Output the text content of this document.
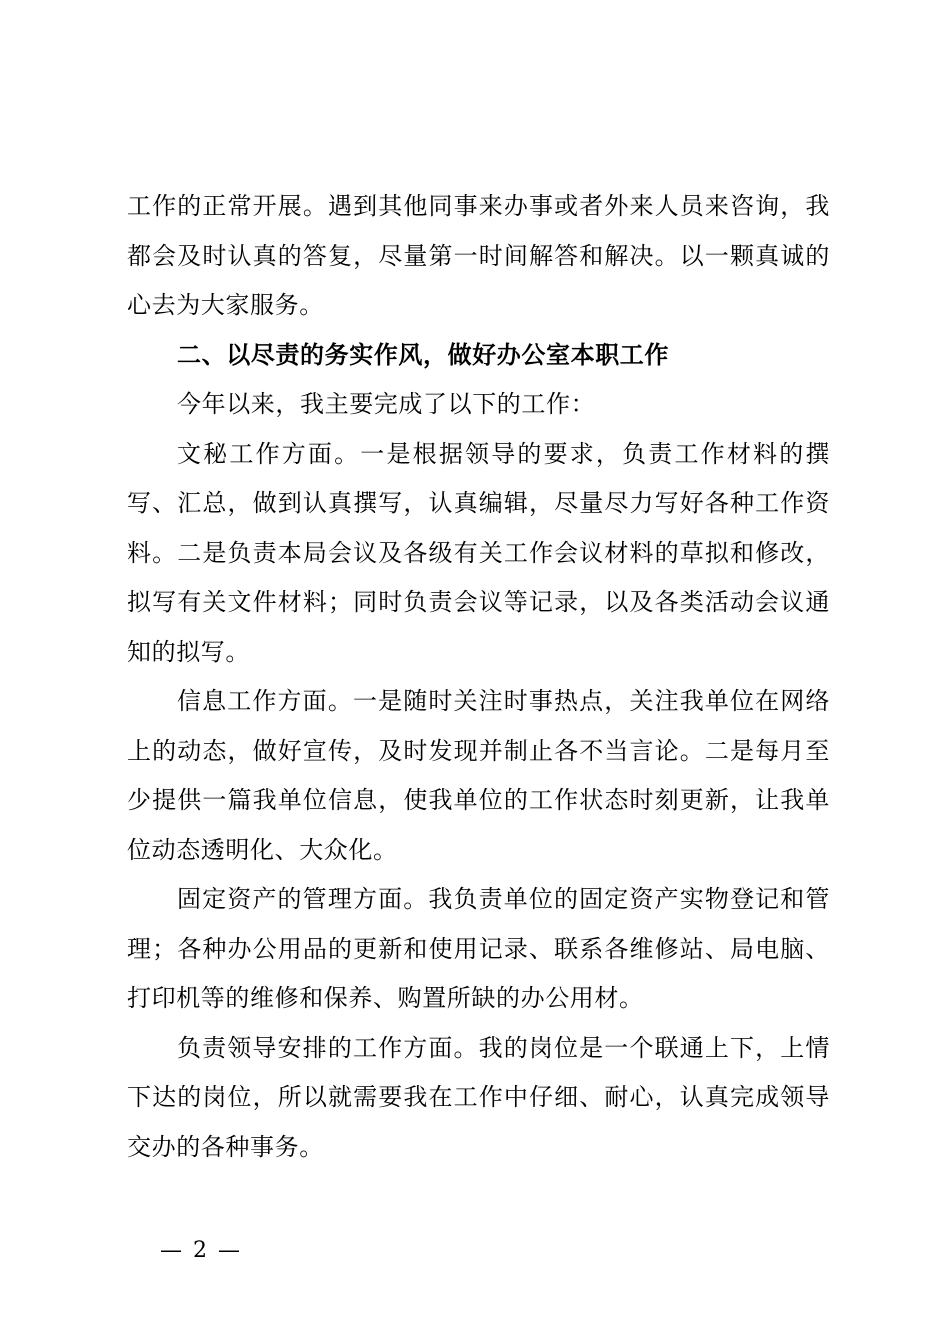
工作的正常开展。遇到其他同事来办事或者外来人员来咨询，我都会及时认真的答复，尽量第一时间解答和解决。以一颗真诚的心去为大家服务。

二、以尽责的务实作风，做好办公室本职工作

今年以来，我主要完成了以下的工作：

文秘工作方面。一是根据领导的要求，负责工作材料的撰写、汇总，做到认真撰写，认真编辑，尽量尽力写好各种工作资料。二是负责本局会议及各级有关工作会议材料的草拟和修改，拟写有关文件材料；同时负责会议等记录，以及各类活动会议通知的拟写。

信息工作方面。一是随时关注时事热点，关注我单位在网络上的动态，做好宣传，及时发现并制止各不当言论。二是每月至少提供一篇我单位信息，使我单位的工作状态时刻更新，让我单位动态透明化、大众化。

固定资产的管理方面。我负责单位的固定资产实物登记和管理；各种办公用品的更新和使用记录、联系各维修站、局电脑、打印机等的维修和保养、购置所缺的办公用材。

负责领导安排的工作方面。我的岗位是一个联通上下，上情下达的岗位，所以就需要我在工作中仔细、耐心，认真完成领导交办的各种事务。

— 2 —
